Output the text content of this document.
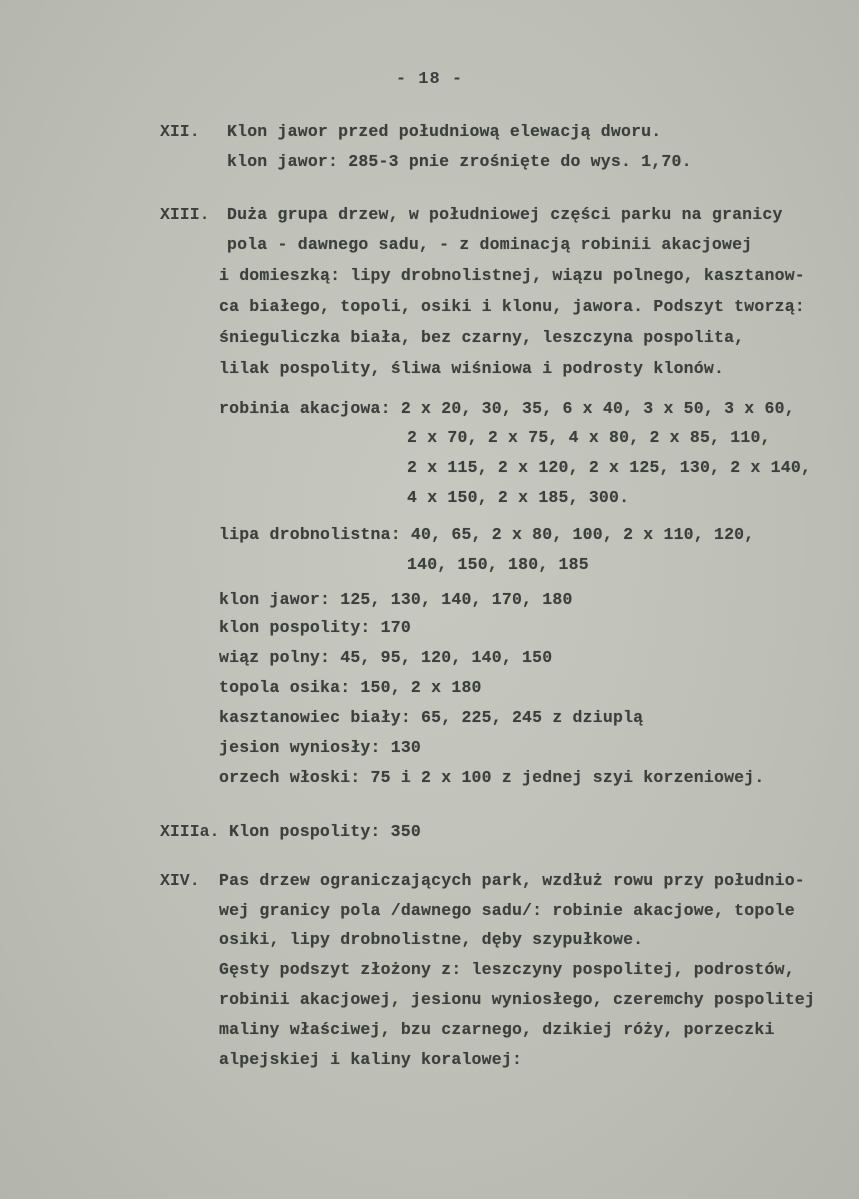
- 18 -
XII. Klon jawor przed południową elewacją dworu.
klon jawor: 285-3 pnie zrośnięte do wys. 1,70.
XIII. Duża grupa drzew, w południowej części parku na granicy
pola - dawnego sadu, - z dominacją robinii akacjowej
i domieszką: lipy drobnolistnej, wiązu polnego, kasztanow-
ca białego, topoli, osiki i klonu, jawora. Podszyt tworzą:
śnieguliczka biała, bez czarny, leszczyna pospolita,
lilak pospolity, śliwa wiśniowa i podrosty klonów.
robinia akacjowa: 2 x 20, 30, 35, 6 x 40, 3 x 50, 3 x 60,
2 x 70, 2 x 75, 4 x 80, 2 x 85, 110,
2 x 115, 2 x 120, 2 x 125, 130, 2 x 140,
4 x 150, 2 x 185, 300.
lipa drobnolistna: 40, 65, 2 x 80, 100, 2 x 110, 120,
140, 150, 180, 185
klon jawor: 125, 130, 140, 170, 180
klon pospolity: 170
wiąz polny: 45, 95, 120, 140, 150
topola osika: 150, 2 x 180
kasztanowiec biały: 65, 225, 245 z dziuplą
jesion wyniosły: 130
orzech włoski: 75 i 2 x 100 z jednej szyi korzeniowej.
XIIIa. Klon pospolity: 350
XIV. Pas drzew ograniczających park, wzdłuż rowu przy południo-
wej granicy pola /dawnego sadu/: robinie akacjowe, topole
osiki, lipy drobnolistne, dęby szypułkowe.
Gęsty podszyt złożony z: leszczyny pospolitej, podrostów,
robinii akacjowej, jesionu wyniosłego, czeremchy pospolitej
maliny właściwej, bzu czarnego, dzikiej róży, porzeczki
alpejskiej i kaliny koralowej:
